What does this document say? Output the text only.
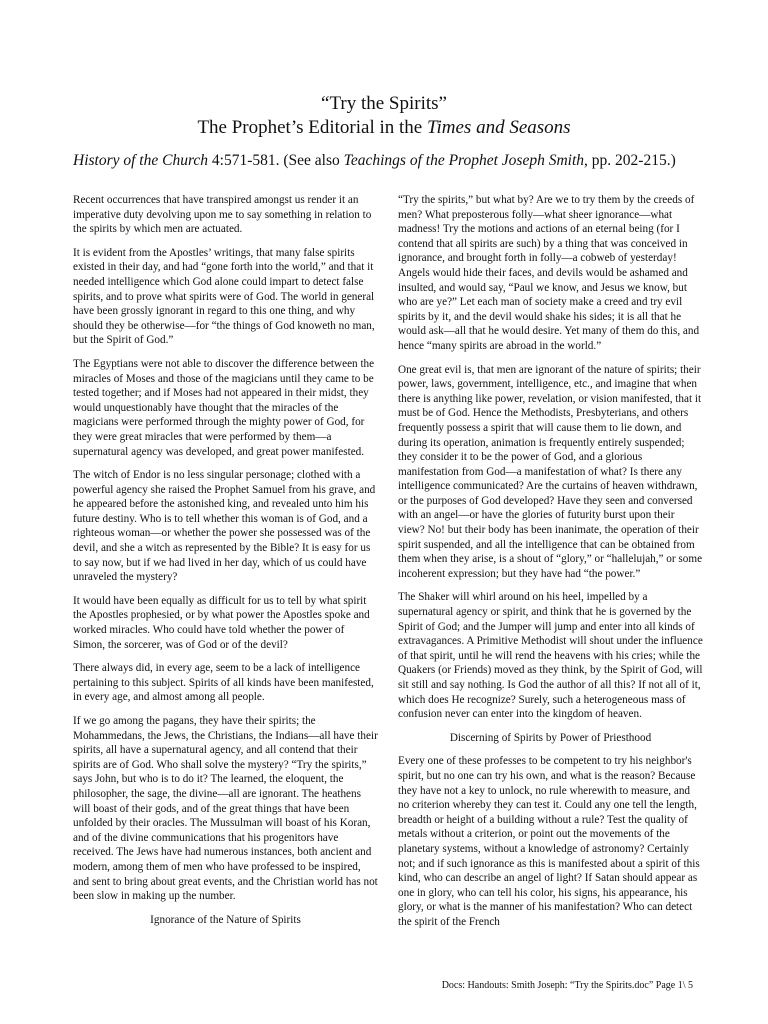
“Try the Spirits”
The Prophet’s Editorial in the Times and Seasons
History of the Church 4:571-581. (See also Teachings of the Prophet Joseph Smith, pp. 202-215.)

Recent occurrences that have transpired amongst us render it an imperative duty devolving upon me to say something in relation to the spirits by which men are actuated.

It is evident from the Apostles’ writings, that many false spirits existed in their day, and had “gone forth into the world,” and that it needed intelligence which God alone could impart to detect false spirits, and to prove what spirits were of God. The world in general have been grossly ignorant in regard to this one thing, and why should they be otherwise—for “the things of God knoweth no man, but the Spirit of God.”

The Egyptians were not able to discover the difference between the miracles of Moses and those of the magicians until they came to be tested together; and if Moses had not appeared in their midst, they would unquestionably have thought that the miracles of the magicians were performed through the mighty power of God, for they were great miracles that were performed by them—a supernatural agency was developed, and great power manifested.

The witch of Endor is no less singular personage; clothed with a powerful agency she raised the Prophet Samuel from his grave, and he appeared before the astonished king, and revealed unto him his future destiny. Who is to tell whether this woman is of God, and a righteous woman—or whether the power she possessed was of the devil, and she a witch as represented by the Bible? It is easy for us to say now, but if we had lived in her day, which of us could have unraveled the mystery?

It would have been equally as difficult for us to tell by what spirit the Apostles prophesied, or by what power the Apostles spoke and worked miracles. Who could have told whether the power of Simon, the sorcerer, was of God or of the devil?

There always did, in every age, seem to be a lack of intelligence pertaining to this subject. Spirits of all kinds have been manifested, in every age, and almost among all people.

If we go among the pagans, they have their spirits; the Mohammedans, the Jews, the Christians, the Indians—all have their spirits, all have a supernatural agency, and all contend that their spirits are of God. Who shall solve the mystery? “Try the spirits,” says John, but who is to do it? The learned, the eloquent, the philosopher, the sage, the divine—all are ignorant. The heathens will boast of their gods, and of the great things that have been unfolded by their oracles. The Mussulman will boast of his Koran, and of the divine communications that his progenitors have received. The Jews have had numerous instances, both ancient and modern, among them of men who have professed to be inspired, and sent to bring about great events, and the Christian world has not been slow in making up the number.

Ignorance of the Nature of Spirits

“Try the spirits,” but what by? Are we to try them by the creeds of men? What preposterous folly—what sheer ignorance—what madness! Try the motions and actions of an eternal being (for I contend that all spirits are such) by a thing that was conceived in ignorance, and brought forth in folly—a cobweb of yesterday! Angels would hide their faces, and devils would be ashamed and insulted, and would say, “Paul we know, and Jesus we know, but who are ye?” Let each man of society make a creed and try evil spirits by it, and the devil would shake his sides; it is all that he would ask—all that he would desire. Yet many of them do this, and hence “many spirits are abroad in the world.”

One great evil is, that men are ignorant of the nature of spirits; their power, laws, government, intelligence, etc., and imagine that when there is anything like power, revelation, or vision manifested, that it must be of God. Hence the Methodists, Presbyterians, and others frequently possess a spirit that will cause them to lie down, and during its operation, animation is frequently entirely suspended; they consider it to be the power of God, and a glorious manifestation from God—a manifestation of what? Is there any intelligence communicated? Are the curtains of heaven withdrawn, or the purposes of God developed? Have they seen and conversed with an angel—or have the glories of futurity burst upon their view? No! but their body has been inanimate, the operation of their spirit suspended, and all the intelligence that can be obtained from them when they arise, is a shout of “glory,” or “hallelujah,” or some incoherent expression; but they have had “the power.”

The Shaker will whirl around on his heel, impelled by a supernatural agency or spirit, and think that he is governed by the Spirit of God; and the Jumper will jump and enter into all kinds of extravagances. A Primitive Methodist will shout under the influence of that spirit, until he will rend the heavens with his cries; while the Quakers (or Friends) moved as they think, by the Spirit of God, will sit still and say nothing. Is God the author of all this? If not all of it, which does He recognize? Surely, such a heterogeneous mass of confusion never can enter into the kingdom of heaven.

Discerning of Spirits by Power of Priesthood

Every one of these professes to be competent to try his neighbor's spirit, but no one can try his own, and what is the reason? Because they have not a key to unlock, no rule wherewith to measure, and no criterion whereby they can test it. Could any one tell the length, breadth or height of a building without a rule? Test the quality of metals without a criterion, or point out the movements of the planetary systems, without a knowledge of astronomy? Certainly not; and if such ignorance as this is manifested about a spirit of this kind, who can describe an angel of light? If Satan should appear as one in glory, who can tell his color, his signs, his appearance, his glory, or what is the manner of his manifestation? Who can detect the spirit of the French

Docs: Handouts: Smith Joseph: “Try the Spirits.doc” Page 1\ 5
